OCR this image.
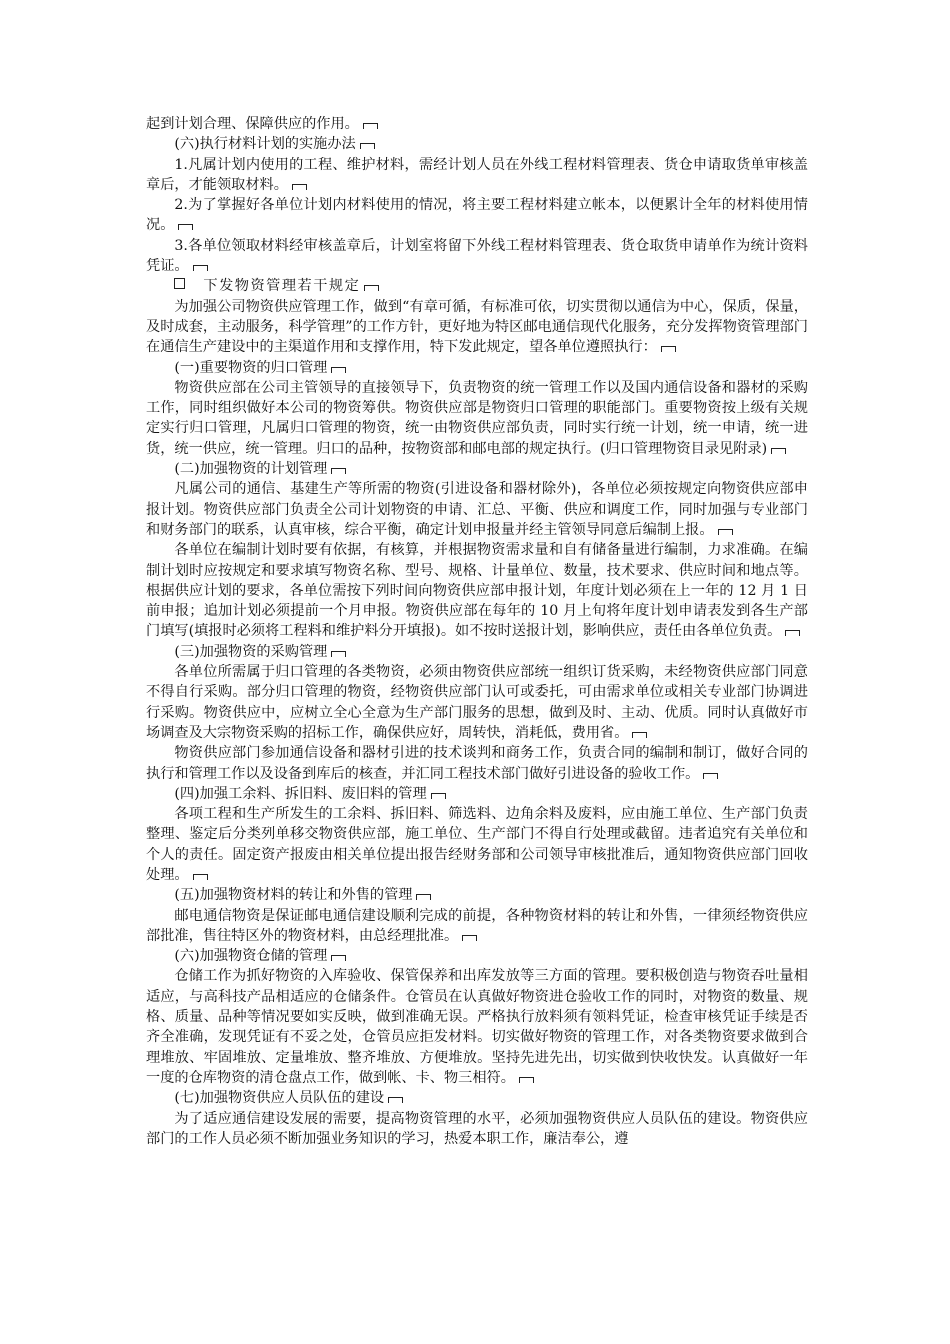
起到计划合理、保障供应的作用。

(六)执行材料计划的实施办法

1.凡属计划内使用的工程、维护材料，需经计划人员在外线工程材料管理表、货仓申请取货单审核盖章后，才能领取材料。

2.为了掌握好各单位计划内材料使用的情况，将主要工程材料建立帐本，以便累计全年的材料使用情况。

3.各单位领取材料经审核盖章后，计划室将留下外线工程材料管理表、货仓取货申请单作为统计资料凭证。

下发物资管理若干规定

为加强公司物资供应管理工作，做到“有章可循，有标准可依，切实贯彻以通信为中心，保质，保量，及时成套，主动服务，科学管理”的工作方针，更好地为特区邮电通信现代化服务，充分发挥物资管理部门在通信生产建设中的主渠道作用和支撑作用，特下发此规定，望各单位遵照执行：

(一)重要物资的归口管理

物资供应部在公司主管领导的直接领导下，负责物资的统一管理工作以及国内通信设备和器材的采购工作，同时组织做好本公司的物资筹供。物资供应部是物资归口管理的职能部门。重要物资按上级有关规定实行归口管理，凡属归口管理的物资，统一由物资供应部负责，同时实行统一计划，统一申请，统一进货，统一供应，统一管理。归口的品种，按物资部和邮电部的规定执行。(归口管理物资目录见附录)

(二)加强物资的计划管理

凡属公司的通信、基建生产等所需的物资(引进设备和器材除外)，各单位必须按规定向物资供应部申报计划。物资供应部门负责全公司计划物资的申请、汇总、平衡、供应和调度工作，同时加强与专业部门和财务部门的联系，认真审核，综合平衡，确定计划申报量并经主管领导同意后编制上报。

各单位在编制计划时要有依据，有核算，并根据物资需求量和自有储备量进行编制，力求准确。在编制计划时应按规定和要求填写物资名称、型号、规格、计量单位、数量，技术要求、供应时间和地点等。根据供应计划的要求，各单位需按下列时间向物资供应部申报计划，年度计划必须在上一年的 12 月 1 日前申报；追加计划必须提前一个月申报。物资供应部在每年的 10 月上旬将年度计划申请表发到各生产部门填写(填报时必须将工程料和维护料分开填报)。如不按时送报计划，影响供应，责任由各单位负责。

(三)加强物资的采购管理

各单位所需属于归口管理的各类物资，必须由物资供应部统一组织订货采购，未经物资供应部门同意不得自行采购。部分归口管理的物资，经物资供应部门认可或委托，可由需求单位或相关专业部门协调进行采购。物资供应中，应树立全心全意为生产部门服务的思想，做到及时、主动、优质。同时认真做好市场调查及大宗物资采购的招标工作，确保供应好，周转快，消耗低，费用省。

物资供应部门参加通信设备和器材引进的技术谈判和商务工作，负责合同的编制和制订，做好合同的执行和管理工作以及设备到库后的核查，并汇同工程技术部门做好引进设备的验收工作。

(四)加强工余料、拆旧料、废旧料的管理

各项工程和生产所发生的工余料、拆旧料、筛选料、边角余料及废料，应由施工单位、生产部门负责整理、鉴定后分类列单移交物资供应部，施工单位、生产部门不得自行处理或截留。违者追究有关单位和个人的责任。固定资产报废由相关单位提出报告经财务部和公司领导审核批准后，通知物资供应部门回收处理。

(五)加强物资材料的转让和外售的管理

邮电通信物资是保证邮电通信建设顺利完成的前提，各种物资材料的转让和外售，一律须经物资供应部批准，售往特区外的物资材料，由总经理批准。

(六)加强物资仓储的管理

仓储工作为抓好物资的入库验收、保管保养和出库发放等三方面的管理。要积极创造与物资吞吐量相适应，与高科技产品相适应的仓储条件。仓管员在认真做好物资进仓验收工作的同时，对物资的数量、规格、质量、品种等情况要如实反映，做到准确无误。严格执行放料须有领料凭证，检查审核凭证手续是否齐全准确，发现凭证有不妥之处，仓管员应拒发材料。切实做好物资的管理工作，对各类物资要求做到合理堆放、牢固堆放、定量堆放、整齐堆放、方便堆放。坚持先进先出，切实做到快收快发。认真做好一年一度的仓库物资的清仓盘点工作，做到帐、卡、物三相符。

(七)加强物资供应人员队伍的建设

为了适应通信建设发展的需要，提高物资管理的水平，必须加强物资供应人员队伍的建设。物资供应部门的工作人员必须不断加强业务知识的学习，热爱本职工作，廉洁奉公，遵
